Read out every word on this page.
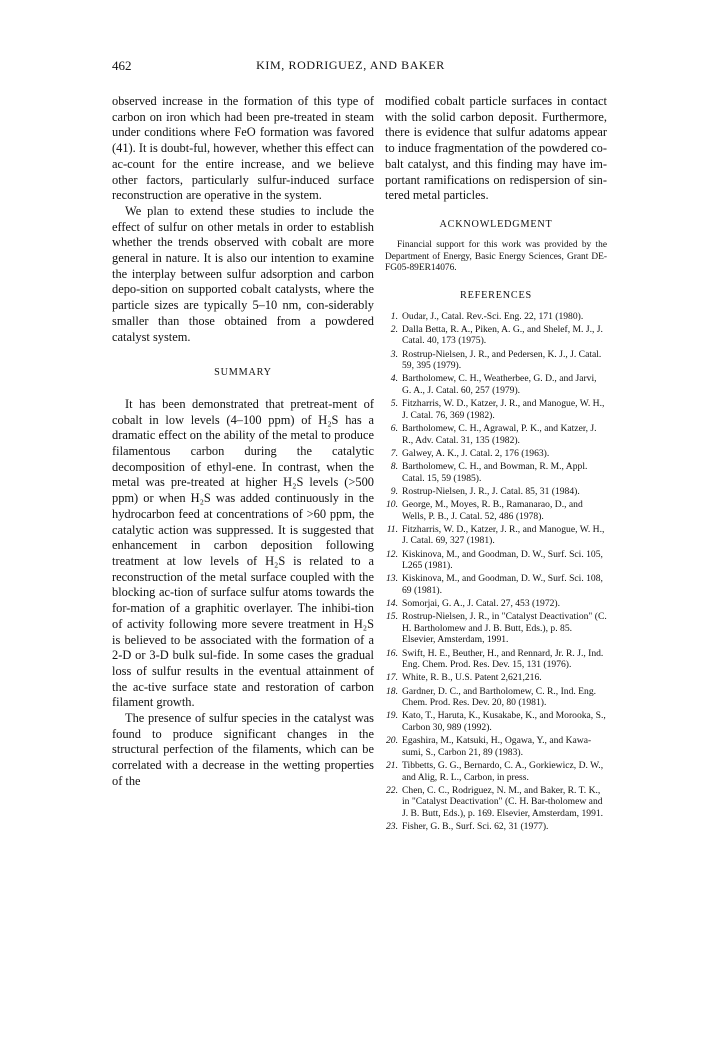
462	KIM, RODRIGUEZ, AND BAKER

observed increase in the formation of this type of carbon on iron which had been pre-treated in steam under conditions where FeO formation was favored (41). It is doubt-ful, however, whether this effect can ac-count for the entire increase, and we believe other factors, particularly sulfur-induced surface reconstruction are operative in the system.

We plan to extend these studies to include the effect of sulfur on other metals in order to establish whether the trends observed with cobalt are more general in nature. It is also our intention to examine the interplay between sulfur adsorption and carbon depo-sition on supported cobalt catalysts, where the particle sizes are typically 5–10 nm, con-siderably smaller than those obtained from a powdered catalyst system.

SUMMARY

It has been demonstrated that pretreat-ment of cobalt in low levels (4–100 ppm) of H₂S has a dramatic effect on the ability of the metal to produce filamentous carbon during the catalytic decomposition of ethyl-ene. In contrast, when the metal was pre-treated at higher H₂S levels (>500 ppm) or when H₂S was added continuously in the hydrocarbon feed at concentrations of >60 ppm, the catalytic action was suppressed. It is suggested that enhancement in carbon deposition following treatment at low levels of H₂S is related to a reconstruction of the metal surface coupled with the blocking ac-tion of surface sulfur atoms towards the for-mation of a graphitic overlayer. The inhibi-tion of activity following more severe treatment in H₂S is believed to be associated with the formation of a 2-D or 3-D bulk sul-fide. In some cases the gradual loss of sulfur results in the eventual attainment of the ac-tive surface state and restoration of carbon filament growth.

The presence of sulfur species in the catalyst was found to produce significant changes in the structural perfection of the filaments, which can be correlated with a decrease in the wetting properties of the

modified cobalt particle surfaces in contact with the solid carbon deposit. Furthermore, there is evidence that sulfur adatoms appear to induce fragmentation of the powdered co-balt catalyst, and this finding may have im-portant ramifications on redispersion of sin-tered metal particles.

ACKNOWLEDGMENT

Financial support for this work was provided by the Department of Energy, Basic Energy Sciences, Grant DE-FG05-89ER14076.

REFERENCES
1. Oudar, J., Catal. Rev.-Sci. Eng. 22, 171 (1980).
2. Dalla Betta, R. A., Piken, A. G., and Shelef, M. J., J. Catal. 40, 173 (1975).
3. Rostrup-Nielsen, J. R., and Pedersen, K. J., J. Catal. 59, 395 (1979).
4. Bartholomew, C. H., Weatherbee, G. D., and Jarvi, G. A., J. Catal. 60, 257 (1979).
5. Fitzharris, W. D., Katzer, J. R., and Manogue, W. H., J. Catal. 76, 369 (1982).
6. Bartholomew, C. H., Agrawal, P. K., and Katzer, J. R., Adv. Catal. 31, 135 (1982).
7. Galwey, A. K., J. Catal. 2, 176 (1963).
8. Bartholomew, C. H., and Bowman, R. M., Appl. Catal. 15, 59 (1985).
9. Rostrup-Nielsen, J. R., J. Catal. 85, 31 (1984).
10. George, M., Moyes, R. B., Ramanarao, D., and Wells, P. B., J. Catal. 52, 486 (1978).
11. Fitzharris, W. D., Katzer, J. R., and Manogue, W. H., J. Catal. 69, 327 (1981).
12. Kiskinova, M., and Goodman, D. W., Surf. Sci. 105, L265 (1981).
13. Kiskinova, M., and Goodman, D. W., Surf. Sci. 108, 69 (1981).
14. Somorjai, G. A., J. Catal. 27, 453 (1972).
15. Rostrup-Nielsen, J. R., in "Catalyst Deactivation" (C. H. Bartholomew and J. B. Butt, Eds.), p. 85. Elsevier, Amsterdam, 1991.
16. Swift, H. E., Beuther, H., and Rennard, Jr. R. J., Ind. Eng. Chem. Prod. Res. Dev. 15, 131 (1976).
17. White, R. B., U.S. Patent 2,621,216.
18. Gardner, D. C., and Bartholomew, C. R., Ind. Eng. Chem. Prod. Res. Dev. 20, 80 (1981).
19. Kato, T., Haruta, K., Kusakabe, K., and Morooka, S., Carbon 30, 989 (1992).
20. Egashira, M., Katsuki, H., Ogawa, Y., and Kawa-sumi, S., Carbon 21, 89 (1983).
21. Tibbetts, G. G., Bernardo, C. A., Gorkiewicz, D. W., and Alig, R. L., Carbon, in press.
22. Chen, C. C., Rodriguez, N. M., and Baker, R. T. K., in "Catalyst Deactivation" (C. H. Bar-tholomew and J. B. Butt, Eds.), p. 169. Elsevier, Amsterdam, 1991.
23. Fisher, G. B., Surf. Sci. 62, 31 (1977).
